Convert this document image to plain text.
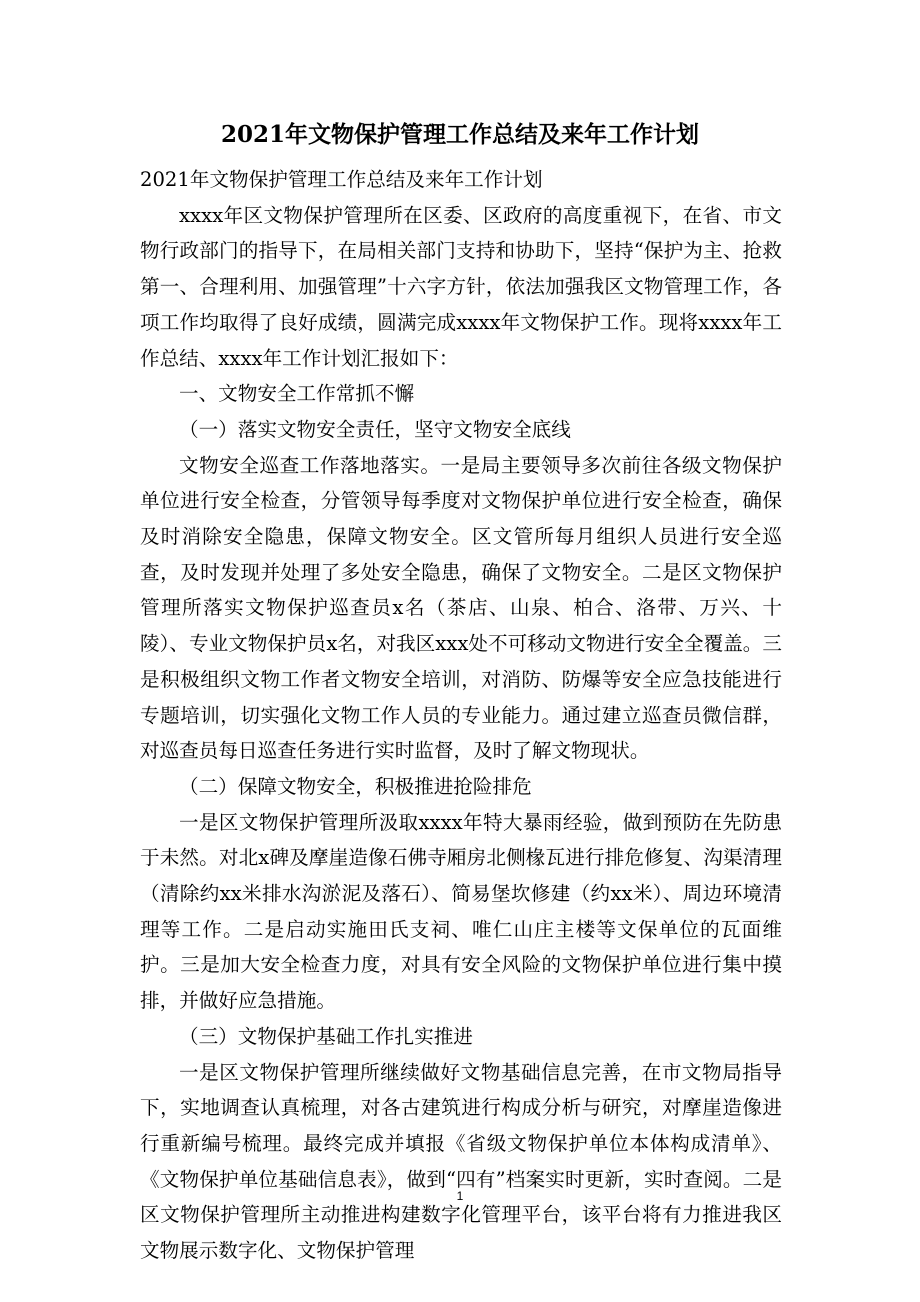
2021年文物保护管理工作总结及来年工作计划

2021年文物保护管理工作总结及来年工作计划

xxxx年区文物保护管理所在区委、区政府的高度重视下，在省、市文物行政部门的指导下，在局相关部门支持和协助下，坚持“保护为主、抢救第一、合理利用、加强管理”十六字方针，依法加强我区文物管理工作，各项工作均取得了良好成绩，圆满完成xxxx年文物保护工作。现将xxxx年工作总结、xxxx年工作计划汇报如下：

一、文物安全工作常抓不懈

（一）落实文物安全责任，坚守文物安全底线

文物安全巡查工作落地落实。一是局主要领导多次前往各级文物保护单位进行安全检查，分管领导每季度对文物保护单位进行安全检查，确保及时消除安全隐患，保障文物安全。区文管所每月组织人员进行安全巡查，及时发现并处理了多处安全隐患，确保了文物安全。二是区文物保护管理所落实文物保护巡查员x名（茶店、山泉、柏合、洛带、万兴、十陵）、专业文物保护员x名，对我区xxx处不可移动文物进行安全全覆盖。三是积极组织文物工作者文物安全培训，对消防、防爆等安全应急技能进行专题培训，切实强化文物工作人员的专业能力。通过建立巡查员微信群，对巡查员每日巡查任务进行实时监督，及时了解文物现状。

（二）保障文物安全，积极推进抢险排危

一是区文物保护管理所汲取xxxx年特大暴雨经验，做到预防在先防患于未然。对北x碑及摩崖造像石佛寺厢房北侧椽瓦进行排危修复、沟渠清理（清除约xx米排水沟淤泥及落石）、简易堡坎修建（约xx米）、周边环境清理等工作。二是启动实施田氏支祠、唯仁山庄主楼等文保单位的瓦面维护。三是加大安全检查力度，对具有安全风险的文物保护单位进行集中摸排，并做好应急措施。

（三）文物保护基础工作扎实推进

一是区文物保护管理所继续做好文物基础信息完善，在市文物局指导下，实地调查认真梳理，对各古建筑进行构成分析与研究，对摩崖造像进行重新编号梳理。最终完成并填报《省级文物保护单位本体构成清单》、《文物保护单位基础信息表》，做到“四有”档案实时更新，实时查阅。二是区文物保护管理所主动推进构建数字化管理平台，该平台将有力推进我区文物展示数字化、文物保护管理

1
